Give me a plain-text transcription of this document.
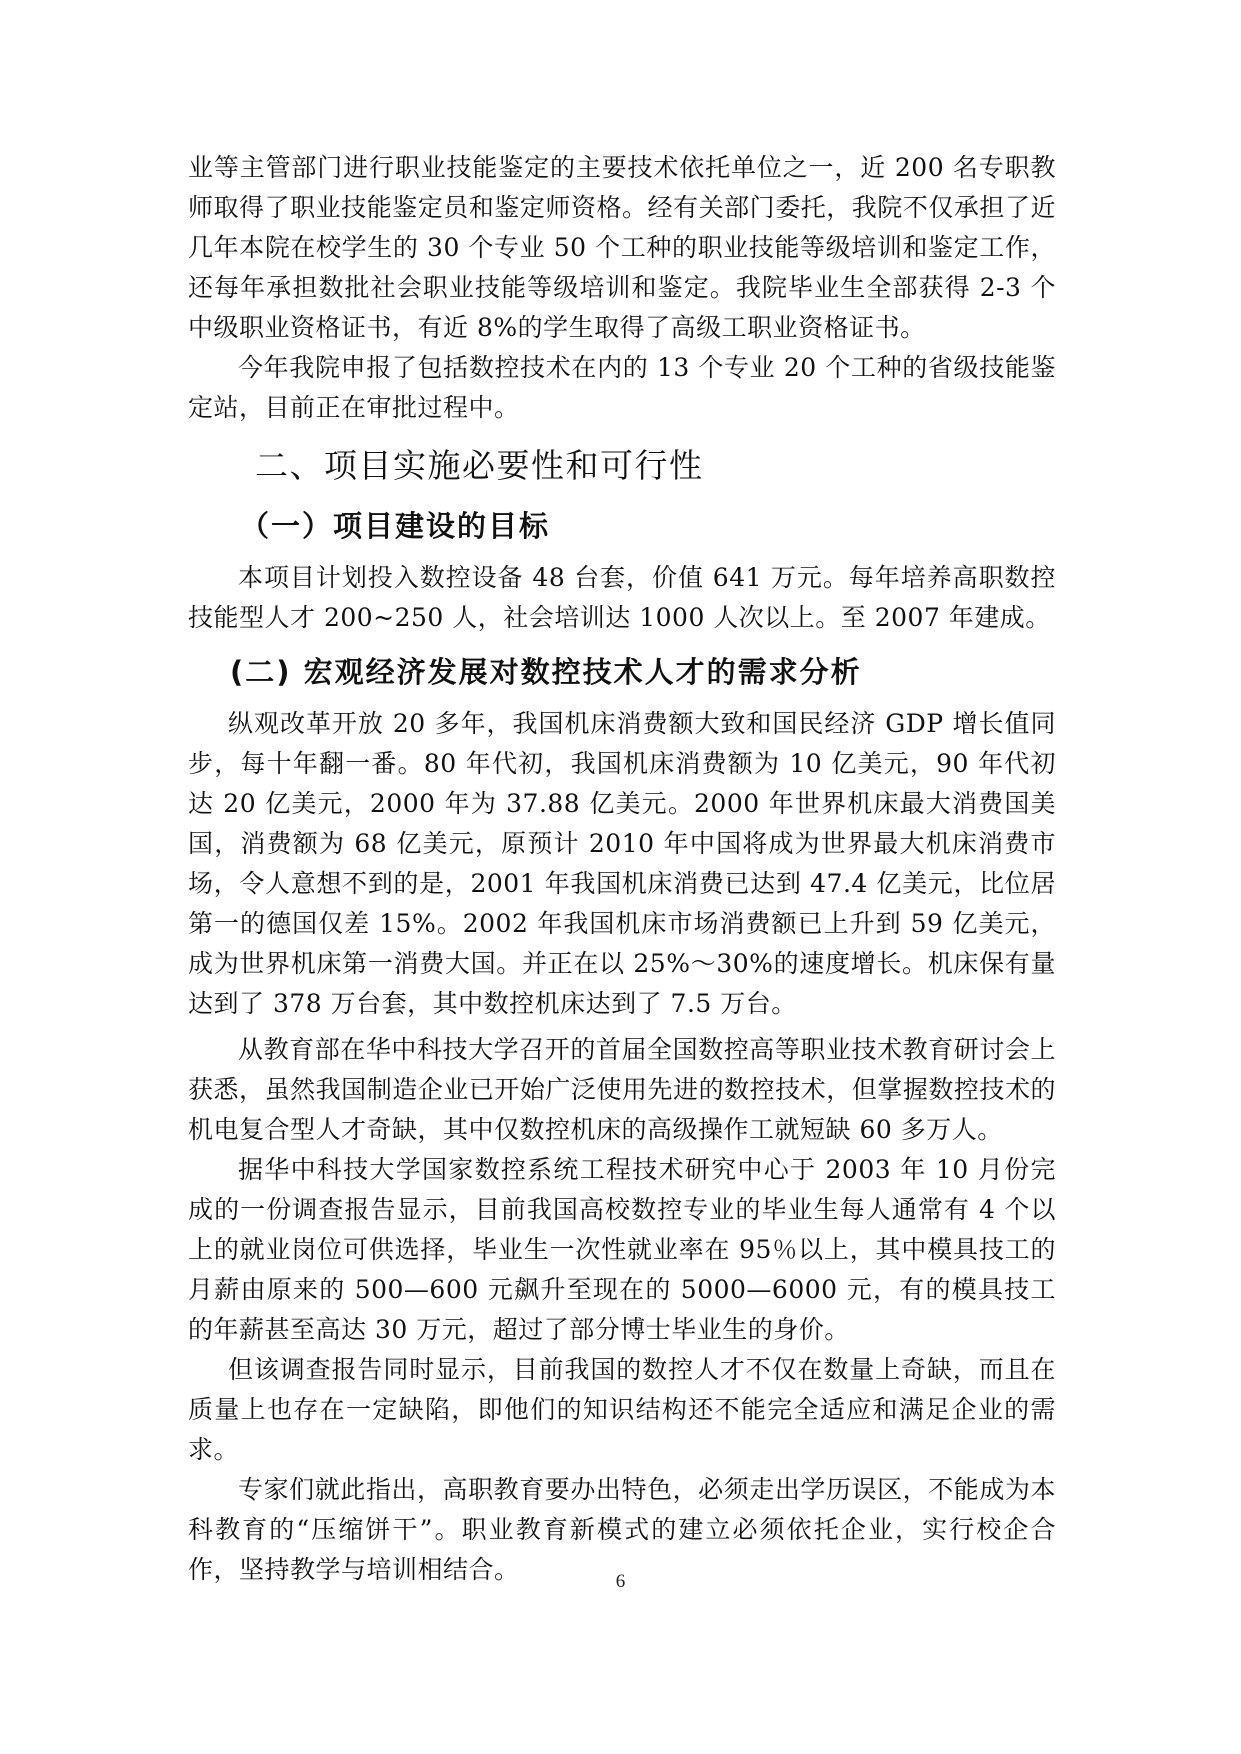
业等主管部门进行职业技能鉴定的主要技术依托单位之一，近 200 名专职教师取得了职业技能鉴定员和鉴定师资格。经有关部门委托，我院不仅承担了近几年本院在校学生的 30 个专业 50 个工种的职业技能等级培训和鉴定工作，还每年承担数批社会职业技能等级培训和鉴定。我院毕业生全部获得 2-3 个中级职业资格证书，有近 8%的学生取得了高级工职业资格证书。

今年我院申报了包括数控技术在内的 13 个专业 20 个工种的省级技能鉴定站，目前正在审批过程中。

二、项目实施必要性和可行性
（一）项目建设的目标

本项目计划投入数控设备 48 台套，价值 641 万元。每年培养高职数控技能型人才 200~250 人，社会培训达 1000 人次以上。至 2007 年建成。

(二) 宏观经济发展对数控技术人才的需求分析

纵观改革开放 20 多年，我国机床消费额大致和国民经济 GDP 增长值同步，每十年翻一番。80 年代初，我国机床消费额为 10 亿美元，90 年代初达 20 亿美元，2000 年为 37.88 亿美元。2000 年世界机床最大消费国美国，消费额为 68 亿美元，原预计 2010 年中国将成为世界最大机床消费市场，令人意想不到的是，2001 年我国机床消费已达到 47.4 亿美元，比位居第一的德国仅差 15%。2002 年我国机床市场消费额已上升到 59 亿美元，成为世界机床第一消费大国。并正在以 25%～30%的速度增长。机床保有量达到了 378 万台套，其中数控机床达到了 7.5 万台。

从教育部在华中科技大学召开的首届全国数控高等职业技术教育研讨会上获悉，虽然我国制造企业已开始广泛使用先进的数控技术，但掌握数控技术的机电复合型人才奇缺，其中仅数控机床的高级操作工就短缺 60 多万人。

据华中科技大学国家数控系统工程技术研究中心于 2003 年 10 月份完成的一份调查报告显示，目前我国高校数控专业的毕业生每人通常有 4 个以上的就业岗位可供选择，毕业生一次性就业率在 95％以上，其中模具技工的月薪由原来的 500—600 元飙升至现在的 5000—6000 元，有的模具技工的年薪甚至高达 30 万元，超过了部分博士毕业生的身价。

但该调查报告同时显示，目前我国的数控人才不仅在数量上奇缺，而且在质量上也存在一定缺陷，即他们的知识结构还不能完全适应和满足企业的需求。

专家们就此指出，高职教育要办出特色，必须走出学历误区，不能成为本科教育的“压缩饼干”。职业教育新模式的建立必须依托企业，实行校企合作，坚持教学与培训相结合。	6
